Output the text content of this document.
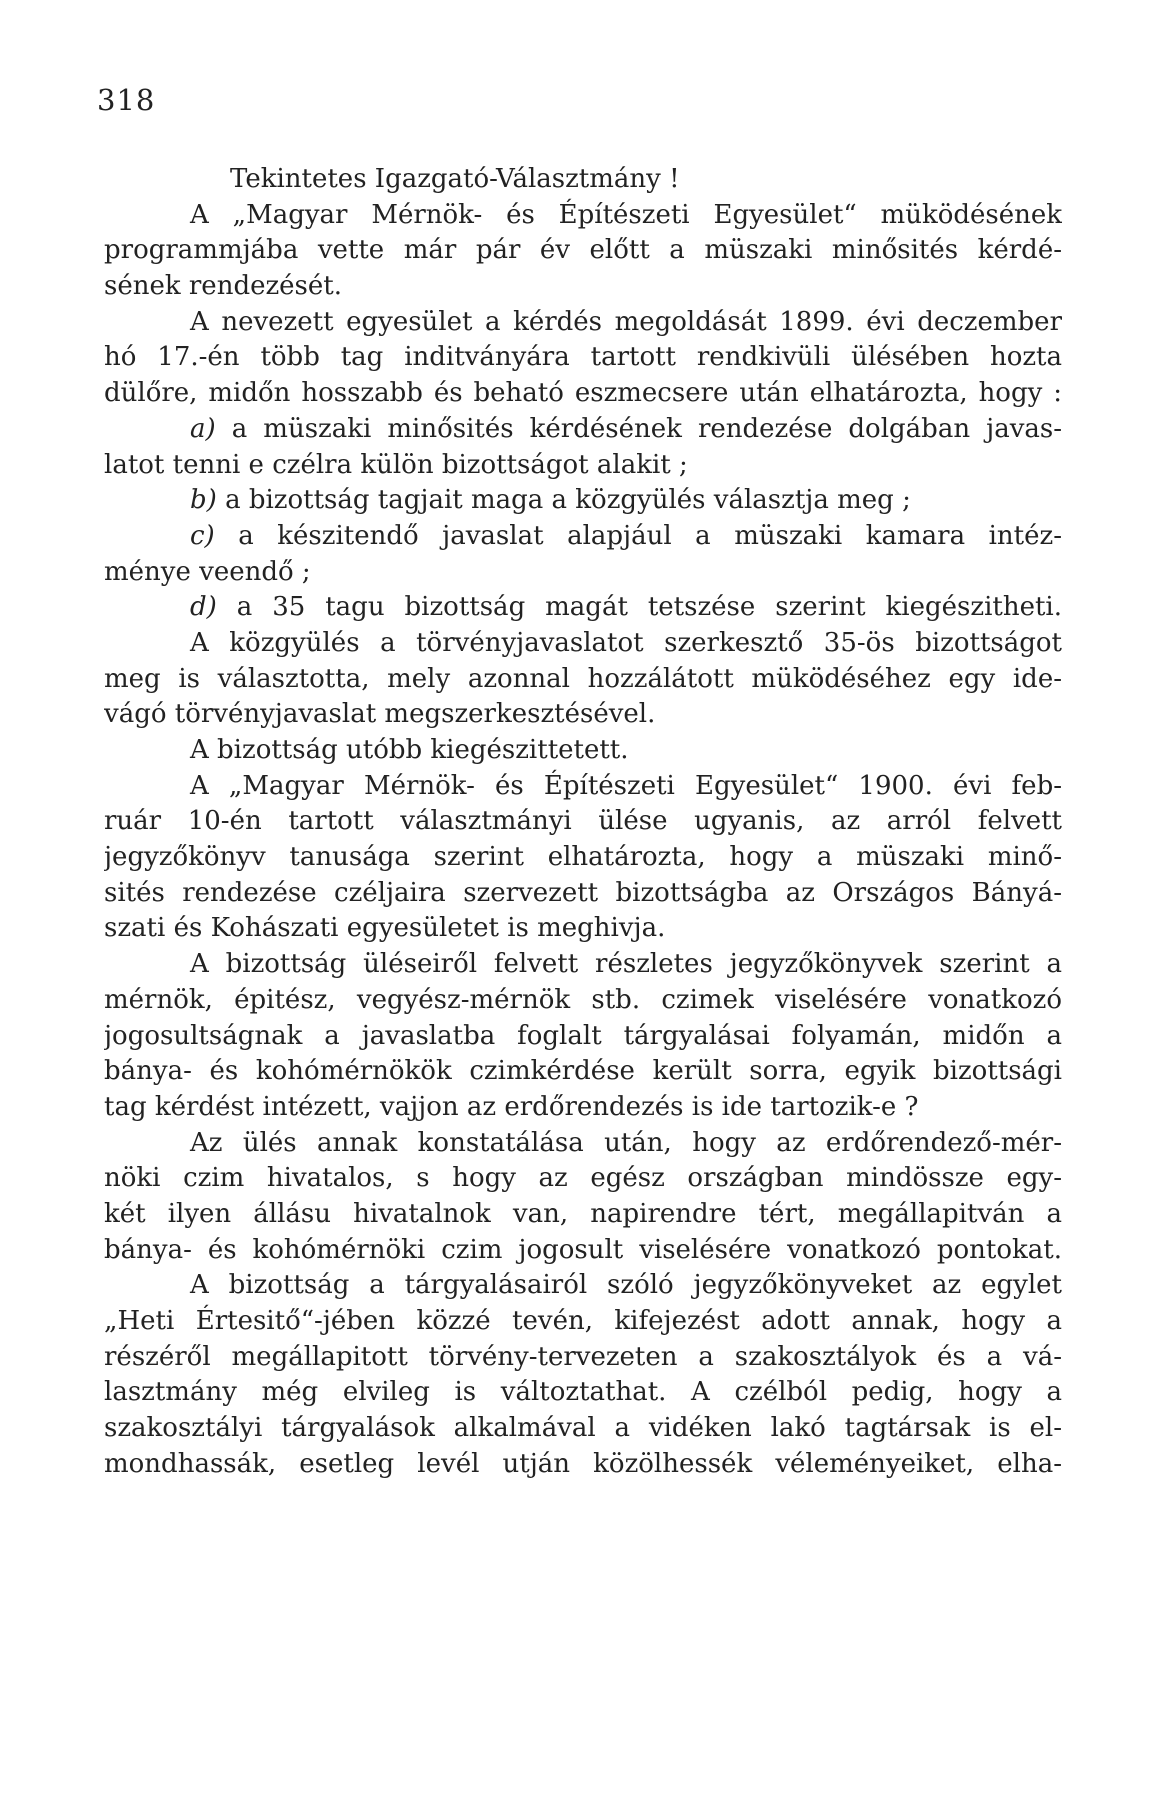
318
Tekintetes Igazgató-Választmány !
A „Magyar Mérnök- és Építészeti Egyesület“ müködésének
programmjába vette már pár év előtt a müszaki minősités kérdé-
sének rendezését.
A nevezett egyesület a kérdés megoldását 1899. évi deczember
hó 17.-én több tag inditványára tartott rendkivüli ülésében hozta
dülőre, midőn hosszabb és beható eszmecsere után elhatározta, hogy :
a) a müszaki minősités kérdésének rendezése dolgában javas-
latot tenni e czélra külön bizottságot alakit ;
b) a bizottság tagjait maga a közgyülés választja meg ;
c) a készitendő javaslat alapjául a müszaki kamara intéz-
ménye veendő ;
d) a 35 tagu bizottság magát tetszése szerint kiegészitheti.
A közgyülés a törvényjavaslatot szerkesztő 35-ös bizottságot
meg is választotta, mely azonnal hozzálátott müködéséhez egy ide-
vágó törvényjavaslat megszerkesztésével.
A bizottság utóbb kiegészittetett.
A „Magyar Mérnök- és Építészeti Egyesület“ 1900. évi feb-
ruár 10-én tartott választmányi ülése ugyanis, az arról felvett
jegyzőkönyv tanusága szerint elhatározta, hogy a müszaki minő-
sités rendezése czéljaira szervezett bizottságba az Országos Bányá-
szati és Kohászati egyesületet is meghivja.
A bizottság üléseiről felvett részletes jegyzőkönyvek szerint a
mérnök, épitész, vegyész-mérnök stb. czimek viselésére vonatkozó
jogosultságnak a javaslatba foglalt tárgyalásai folyamán, midőn a
bánya- és kohómérnökök czimkérdése került sorra, egyik bizottsági
tag kérdést intézett, vajjon az erdőrendezés is ide tartozik-e ?
Az ülés annak konstatálása után, hogy az erdőrendező-mér-
nöki czim hivatalos, s hogy az egész országban mindössze egy-
két ilyen állásu hivatalnok van, napirendre tért, megállapitván a
bánya- és kohómérnöki czim jogosult viselésére vonatkozó pontokat.
A bizottság a tárgyalásairól szóló jegyzőkönyveket az egylet
„Heti Értesitő“-jében közzé tevén, kifejezést adott annak, hogy a
részéről megállapitott törvény-tervezeten a szakosztályok és a vá-
lasztmány még elvileg is változtathat. A czélból pedig, hogy a
szakosztályi tárgyalások alkalmával a vidéken lakó tagtársak is el-
mondhassák, esetleg levél utján közölhessék véleményeiket, elha-
